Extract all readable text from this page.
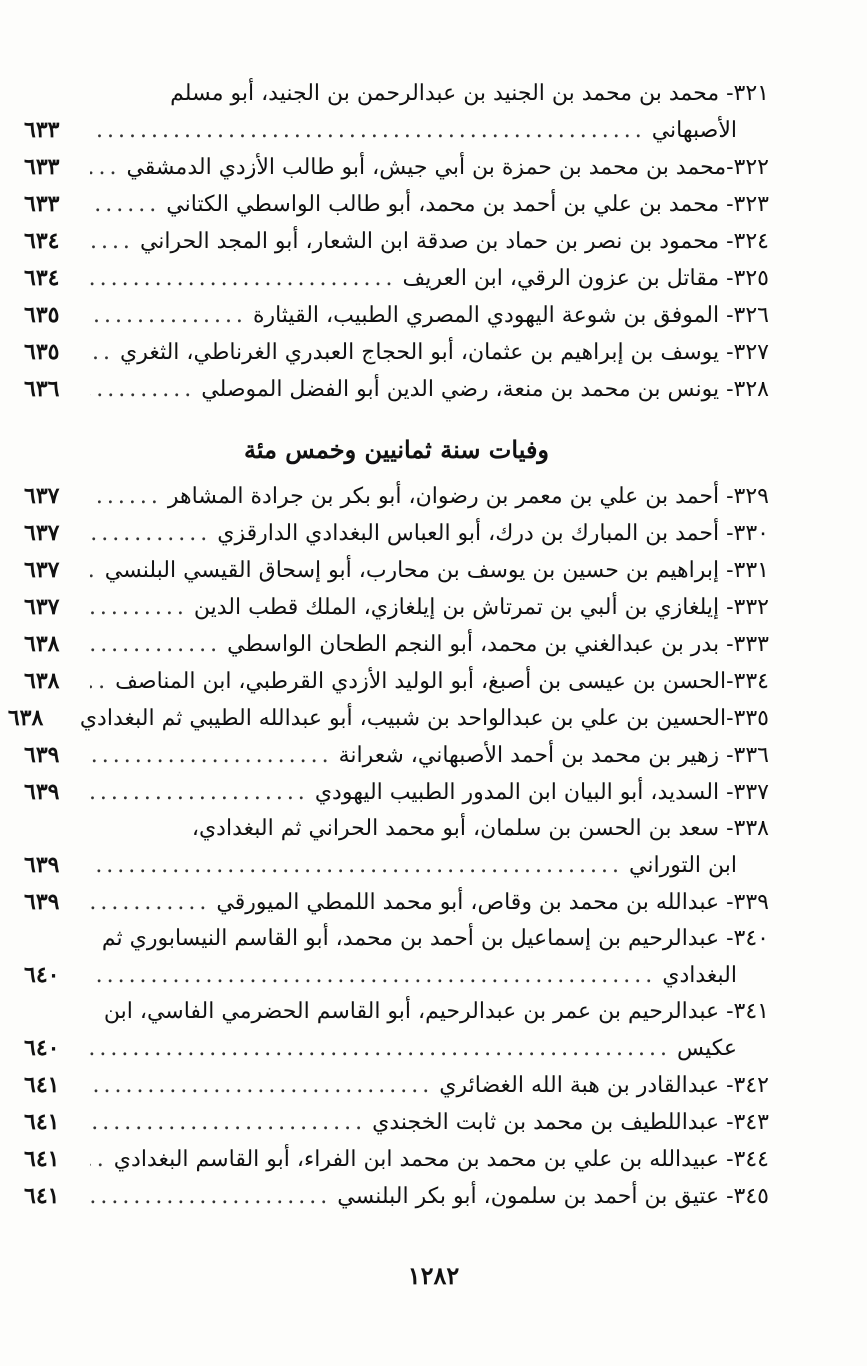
٣٢١- محمد بن محمد بن الجنيد بن عبدالرحمن بن الجنيد، أبو مسلم
الأصبهاني
.....
٦٣٣
٣٢٢-محمد بن محمد بن حمزة بن أبي جيش، أبو طالب الأزدي الدمشقي
.....
٦٣٣
٣٢٣- محمد بن علي بن أحمد بن محمد، أبو طالب الواسطي الكتاني
.....
٦٣٣
٣٢٤- محمود بن نصر بن حماد بن صدقة ابن الشعار، أبو المجد الحراني
.....
٦٣٤
٣٢٥- مقاتل بن عزون الرقي، ابن العريف
.....
٦٣٤
٣٢٦- الموفق بن شوعة اليهودي المصري الطبيب، القيثارة
.....
٦٣٥
٣٢٧- يوسف بن إبراهيم بن عثمان، أبو الحجاج العبدري الغرناطي، الثغري
.....
٦٣٥
٣٢٨- يونس بن محمد بن منعة، رضي الدين أبو الفضل الموصلي
.....
٦٣٦
وفيات سنة ثمانيين وخمس مئة
٣٢٩- أحمد بن علي بن معمر بن رضوان، أبو بكر بن جرادة المشاهر
.....
٦٣٧
٣٣٠- أحمد بن المبارك بن درك، أبو العباس البغدادي الدارقزي
.....
٦٣٧
٣٣١- إبراهيم بن حسين بن يوسف بن محارب، أبو إسحاق القيسي البلنسي
.....
٦٣٧
٣٣٢- إيلغازي بن ألبي بن تمرتاش بن إيلغازي، الملك قطب الدين
.....
٦٣٧
٣٣٣- بدر بن عبدالغني بن محمد، أبو النجم الطحان الواسطي
.....
٦٣٨
٣٣٤-الحسن بن عيسى بن أصبغ، أبو الوليد الأزدي القرطبي، ابن المناصف
.....
٦٣٨
٣٣٥-الحسين بن علي بن عبدالواحد بن شبيب، أبو عبدالله الطيبي ثم البغدادي
٦٣٨
٣٣٦- زهير بن محمد بن أحمد الأصبهاني، شعرانة
.....
٦٣٩
٣٣٧- السديد، أبو البيان ابن المدور الطبيب اليهودي
.....
٦٣٩
٣٣٨- سعد بن الحسن بن سلمان، أبو محمد الحراني ثم البغدادي،
ابن التوراني
.....
٦٣٩
٣٣٩- عبدالله بن محمد بن وقاص، أبو محمد اللمطي الميورقي
.....
٦٣٩
٣٤٠- عبدالرحيم بن إسماعيل بن أحمد بن محمد، أبو القاسم النيسابوري ثم
البغدادي
.....
٦٤٠
٣٤١- عبدالرحيم بن عمر بن عبدالرحيم، أبو القاسم الحضرمي الفاسي، ابن
عكيس
.....
٦٤٠
٣٤٢- عبدالقادر بن هبة الله الغضائري
.....
٦٤١
٣٤٣- عبداللطيف بن محمد بن ثابت الخجندي
.....
٦٤١
٣٤٤- عبيدالله بن علي بن محمد بن محمد ابن الفراء، أبو القاسم البغدادي
.....
٦٤١
٣٤٥- عتيق بن أحمد بن سلمون، أبو بكر البلنسي
.....
٦٤١
١٢٨٢
